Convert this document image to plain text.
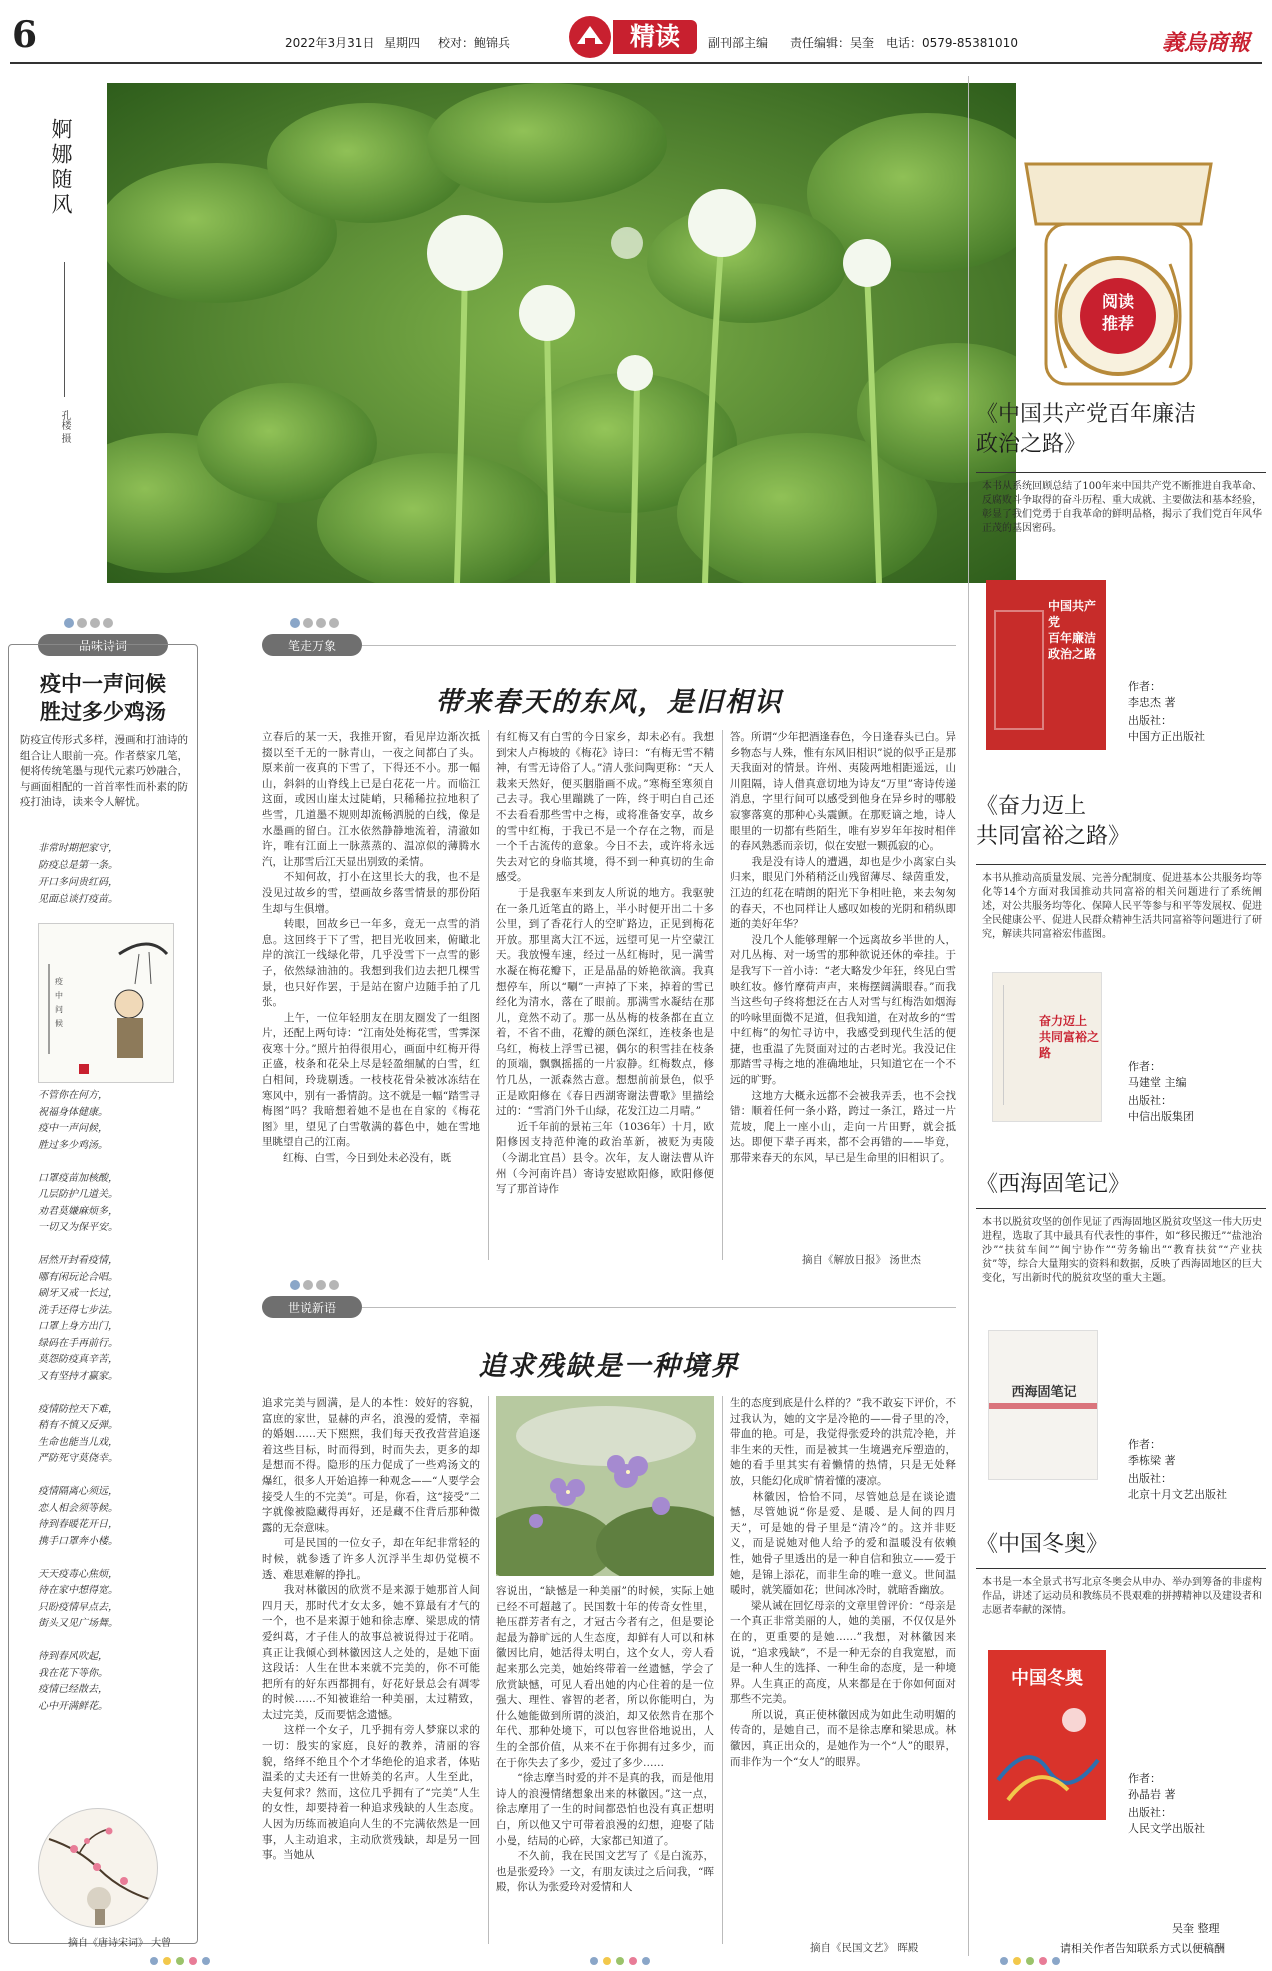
6	2022年3月31日 星期四 校对：鲍锦兵	精读	副刊部主编 责任编辑：吴奎 电话：0579-85381010	義烏商報
婀娜随风
孔楼 摄
品味诗词
疫中一声问候
胜过多少鸡汤
防疫宣传形式多样，漫画和打油诗的组合让人眼前一亮。作者蔡家几笔，便将传统笔墨与现代元素巧妙融合，与画面相配的一首首率性而朴素的防疫打油诗，读来令人解忧。
非常时期把家守，
防疫总是第一条。
开口多问贵红码，
见面总谈打疫苗。
疫
中
问
候
不管你在何方，
祝福身体健康。
疫中一声问候，
胜过多少鸡汤。

口罩疫苗加核酸，
几层防护几道关。
劝君莫嫌麻烦多，
一切又为保平安。

居然开封看疫情，
哪有闲玩论合唱。
刷牙又戒一长过，
洗手还得七步法。
口罩上身方出门，
绿码在手再前行。
莫怨防疫真辛苦，
又有坚持才赢家。

疫情防控天下难，
稍有不慎又反弹。
生命也能当儿戏，
严防死守莫侥幸。

疫情隔离心须远，
恋人相会须等候。
待到春暖花开日，
携手口罩奔小楼。

天天疫毒心焦烦，
待在家中想得宽。
只盼疫情早点去，
街头又见广场舞。

待到春风吹起，
我在花下等你。
疫情已经散去，
心中开满鲜花。
摘自《唐诗宋词》 大曾
笔走万象
带来春天的东风，是旧相识
立春后的某一天，我推开窗，看见岸边渐次抵掇以至千无的一脉青山，一夜之间都白了头。原来前一夜真的下雪了，下得还不小。那一幅山，斜斜的山脊线上已是白花花一片。而临江这面，或因山崖太过陡峭，只稀稀拉拉地积了些雪，几道墨不规则却流畅洒脱的白线，像是水墨画的留白。江水依然静静地流着，清澈如许，唯有江面上一脉蒸蒸的、温凉似的薄腾水汽，让那雪后江天显出别致的柔情。
　　不知何故，打小在这里长大的我，也不是没见过故乡的雪，望画故乡落雪情景的那份陌生却与生俱增。
　　转眼，回故乡已一年多，竟无一点雪的消息。这回终于下了雪，把目光收回来，俯瞰北岸的滨江一线绿化带，几乎没雪下一点雪的影子，依然绿油油的。我想到我们边去把几棵雪景，也只好作罢，于是站在窗户边随手拍了几张。
　　上午，一位年轻朋友在朋友圈发了一组图片，还配上两句诗：“江南处处梅花雪，雪霁深夜寒十分。”照片拍得很用心，画面中红梅开得正盛，枝条和花朵上尽是轻盈细腻的白雪，红白相间，玲珑剔透。一枝枝花骨朵被冰冻结在寒风中，别有一番情韵。这不就是一幅“踏雪寻梅图”吗？我暗想着她不是也在自家的《梅花图》里，望见了白雪敬满的暮色中，她在雪地里眺望自己的江南。
　　红梅、白雪，今日到处未必没有，既
有红梅又有白雪的今日家乡，却未必有。我想到宋人卢梅坡的《梅花》诗曰：“有梅无雪不精神，有雪无诗俗了人。”清人张问陶更称：“天人栽来天然好，便买胭脂画不成。”寒梅至寒须自己去寻。我心里蹦跳了一阵，终于明白自己还不去看看那些雪中之梅，或将准备安享，故乡的雪中红梅，于我已不是一个存在之物，而是一个千古流传的意象。今日不去，或许将永远失去对它的身临其境，得不到一种真切的生命感受。
　　于是我驱车来到友人所说的地方。我驱驶在一条几近笔直的路上，半小时便开出二十多公里，到了香花行人的空旷路边，正见到梅花开放。那里离大江不远，远望可见一片空蒙江天。我放慢车速，经过一丛红梅时，见一满雪水凝在梅花瓣下，正是晶晶的娇艳欲滴。我真想停车，所以“唰”一声掉了下来，掉着的雪已经化为清水，落在了眼前。那满雪水凝结在那儿，竟然不动了。那一丛丛梅的枝条都在直立着，不省不曲，花瓣的颜色深红，连枝条也是乌红，梅枝上浮雪已褪，偶尔的积雪挂在枝条的顶端，飘飘摇摇的一片寂静。红梅数点，修竹几丛，一派森然古意。想想前前景色，似乎正是欧阳修在《春日西湖寄谢法曹歌》里描绘过的：“雪消门外千山绿，花发江边二月晴。”
　　近千年前的景祐三年（1036年）十月，欧阳修因支持范仲淹的政治革新，被贬为夷陵（今湖北宜昌）县令。次年，友人谢法曹从许州（今河南许昌）寄诗安慰欧阳修，欧阳修便写了那首诗作
答。所谓“少年把酒逢春色，今日逢春头已白。异乡物态与人殊，惟有东风旧相识”说的似乎正是那天我面对的情景。许州、夷陵两地相距遥远，山川阻隔，诗人借真意切地为诗友“万里”寄诗传递消息，字里行间可以感受到他身在异乡时的哪般寂寥落寞的那种心头震颤。在那贬谪之地，诗人眼里的一切都有些陌生，唯有岁岁年年按时相伴的春风熟悉而亲切，似在安慰一颗孤寂的心。
　　我是没有诗人的遭遇，却也是少小离家白头归来，眼见门外稍稍泛山残留薄尽、绿茵重发，江边的红花在晴朗的阳光下争相吐艳，来去匆匆的春天，不也同样让人感叹如梭的光阴和稍纵即逝的美好年华？
　　没几个人能够理解一个远离故乡半世的人，对几丛梅、对一场雪的那种欲说还休的牵挂。于是我写下一首小诗：“老大略发少年狂，终见白雪映红妆。修竹摩荷声声，来梅摆阔满眼春。”而我当这些句子终将想泛在古人对雪与红梅浩如烟海的吟咏里面微不足道，但我知道，在对故乡的“雪中红梅”的匆忙寻访中，我感受到现代生活的便捷，也重温了先贤面对过的古老时光。我没记住那踏雪寻梅之地的准确地址，只知道它在一个不远的旷野。
　　这地方大概永远都不会被我弄丢，也不会找错：顺着任何一条小路，跨过一条江，路过一片荒坡，爬上一座小山，走向一片田野，就会抵达。即便下辈子再来，都不会再错的——毕竟，那带来春天的东风，早已是生命里的旧相识了。
摘自《解放日报》 汤世杰
世说新语
追求残缺是一种境界
追求完美与圆满，是人的本性：姣好的容貌，富庶的家世，显赫的声名，浪漫的爱情，幸福的婚姻……天下熙熙，我们每天孜孜营营追逐着这些目标，时而得到，时而失去，更多的却是想而不得。隐形的压力促成了一些鸡汤文的爆红，很多人开始追捧一种观念——“人要学会接受人生的不完美”。可是，你看，这“接受”二字就像被隐藏得再好，还是藏不住背后那种微露的无奈意味。
　　可是民国的一位女子，却在年纪非常轻的时候，就参透了许多人沉浮半生却仍觉模不透、难思难解的挣扎。
　　我对林徽因的欣赏不是来源于她那首人间四月天，那时代才女太多，她不算最有才气的一个，也不是来源于她和徐志摩、梁思成的情爱纠葛，才子佳人的故事总被说得过于花哨。真正让我倾心到林徽因这人之处的，是她下面这段话：人生在世本来就不完美的，你不可能把所有的好东西都拥有，好花好景总会有凋零的时候……不知被谁给一种美丽，太过精致，太过完美，反而要惦念遗憾。
　　这样一个女子，几乎拥有旁人梦寐以求的一切：殷实的家庭，良好的教养，清丽的容貌，络绎不绝且个个才华绝伦的追求者，体贴温柔的丈夫还有一世娇美的名声。人生至此，夫复何求？然而，这位几乎拥有了“完美”人生的女性，却要持着一种追求残缺的人生态度。人因为历练而被追向人生的不完满依然是一回事，人主动追求，主动欣赏残缺，却是另一回事。当她从
容说出，“缺憾是一种美丽”的时候，实际上她已经不可超越了。民国数十年的传奇女性里，艳压群芳者有之，才冠古今者有之，但是要论起最为静旷远的人生态度，却鲜有人可以和林徽因比肩，她活得太明白，这个女人，旁人看起来那么完美，她始终带着一丝遗憾，学会了欣赏缺憾，可见人看出她的内心住着的是一位强大、理性、睿智的老者，所以你能明白，为什么她能做到所谓的淡泊，却又依然肯在那个年代、那种处境下，可以包容世俗地说出，人生的全部价值，从来不在于你拥有过多少，而在于你失去了多少，爱过了多少……
　　“徐志摩当时爱的并不是真的我，而是他用诗人的浪漫情绪想象出来的林徽因。”这一点，徐志摩用了一生的时间都恐怕也没有真正想明白，所以他又宁可带着浪漫的幻想，迎娶了陆小曼，结局的心碎，大家都已知道了。
　　不久前，我在民国文艺写了《是白流苏，也是张爱玲》一文，有朋友读过之后问我，“晖殿，你认为张爱玲对爱情和人
生的态度到底是什么样的？”我不敢妄下评价，不过我认为，她的文字是冷艳的——骨子里的冷，带血的艳。可是，我觉得张爱玲的洪荒冷艳，并非生来的天性，而是被其一生境遇充斥塑造的，她的看手里其实有着懒情的热情，只是无处释放，只能幻化成旷情着懂的凄凉。
　　林徽因，恰恰不同，尽管她总是在谈论遗憾，尽管她说“你是爱、是暖、是人间的四月天”，可是她的骨子里是“清冷”的。这并非贬义，而是说她对他人给予的爱和温暖没有依赖性，她骨子里透出的是一种自信和独立——爱于她，是锦上添花，而非生命的唯一意义。世间温暖时，就笑靥如花；世间冰冷时，就暗香幽放。
　　梁从诫在回忆母亲的文章里曾评价：“母亲是一个真正非常美丽的人，她的美丽，不仅仅是外在的，更重要的是她……”我想，对林徽因来说，“追求残缺”，不是一种无奈的自我宽慰，而是一种人生的选择、一种生命的态度，是一种境界。人生真正的高度，从来都是在于你如何面对那些不完美。
　　所以说，真正使林徽因成为如此生动明媚的传奇的，是她自己，而不是徐志摩和梁思成。林徽因，真正出众的，是她作为一个“人”的眼界，而非作为一个“女人”的眼界。
摘自《民国文艺》 晖殿
阅读
推荐
《中国共产党百年廉洁
政治之路》
本书从系统回顾总结了100年来中国共产党不断推进自我革命、反腐败斗争取得的奋斗历程、重大成就、主要做法和基本经验，彰显了我们党勇于自我革命的鲜明品格，揭示了我们党百年风华正茂的基因密码。
中国共产党
百年廉洁
政治之路
作者：
李忠杰 著
出版社：
中国方正出版社
《奋力迈上
共同富裕之路》
本书从推动高质量发展、完善分配制度、促进基本公共服务均等化等14个方面对我国推动共同富裕的相关问题进行了系统阐述，对公共服务均等化、保障人民平等参与和平等发展权、促进全民健康公平、促进人民群众精神生活共同富裕等问题进行了研究，解读共同富裕宏伟蓝图。
奋力迈上
共同富裕之路
作者：
马建堂 主编
出版社：
中信出版集团
《西海固笔记》
本书以脱贫攻坚的创作见证了西海固地区脱贫攻坚这一伟大历史进程，选取了其中最具有代表性的事件，如“移民搬迁”“盐池治沙”“扶贫车间”“闽宁协作”“劳务输出”“教育扶贫”“产业扶贫”等，综合大量翔实的资料和数据，反映了西海固地区的巨大变化，写出新时代的脱贫攻坚的重大主题。
西海固笔记
作者：
季栋梁 著
出版社：
北京十月文艺出版社
《中国冬奥》
本书是一本全景式书写北京冬奥会从申办、举办到筹备的非虚构作品，讲述了运动员和教练员不畏艰难的拼搏精神以及建设者和志愿者奉献的深情。
中国冬奥
作者：
孙晶岩 著
出版社：
人民文学出版社
吴奎 整理
请相关作者告知联系方式以便稿酬
